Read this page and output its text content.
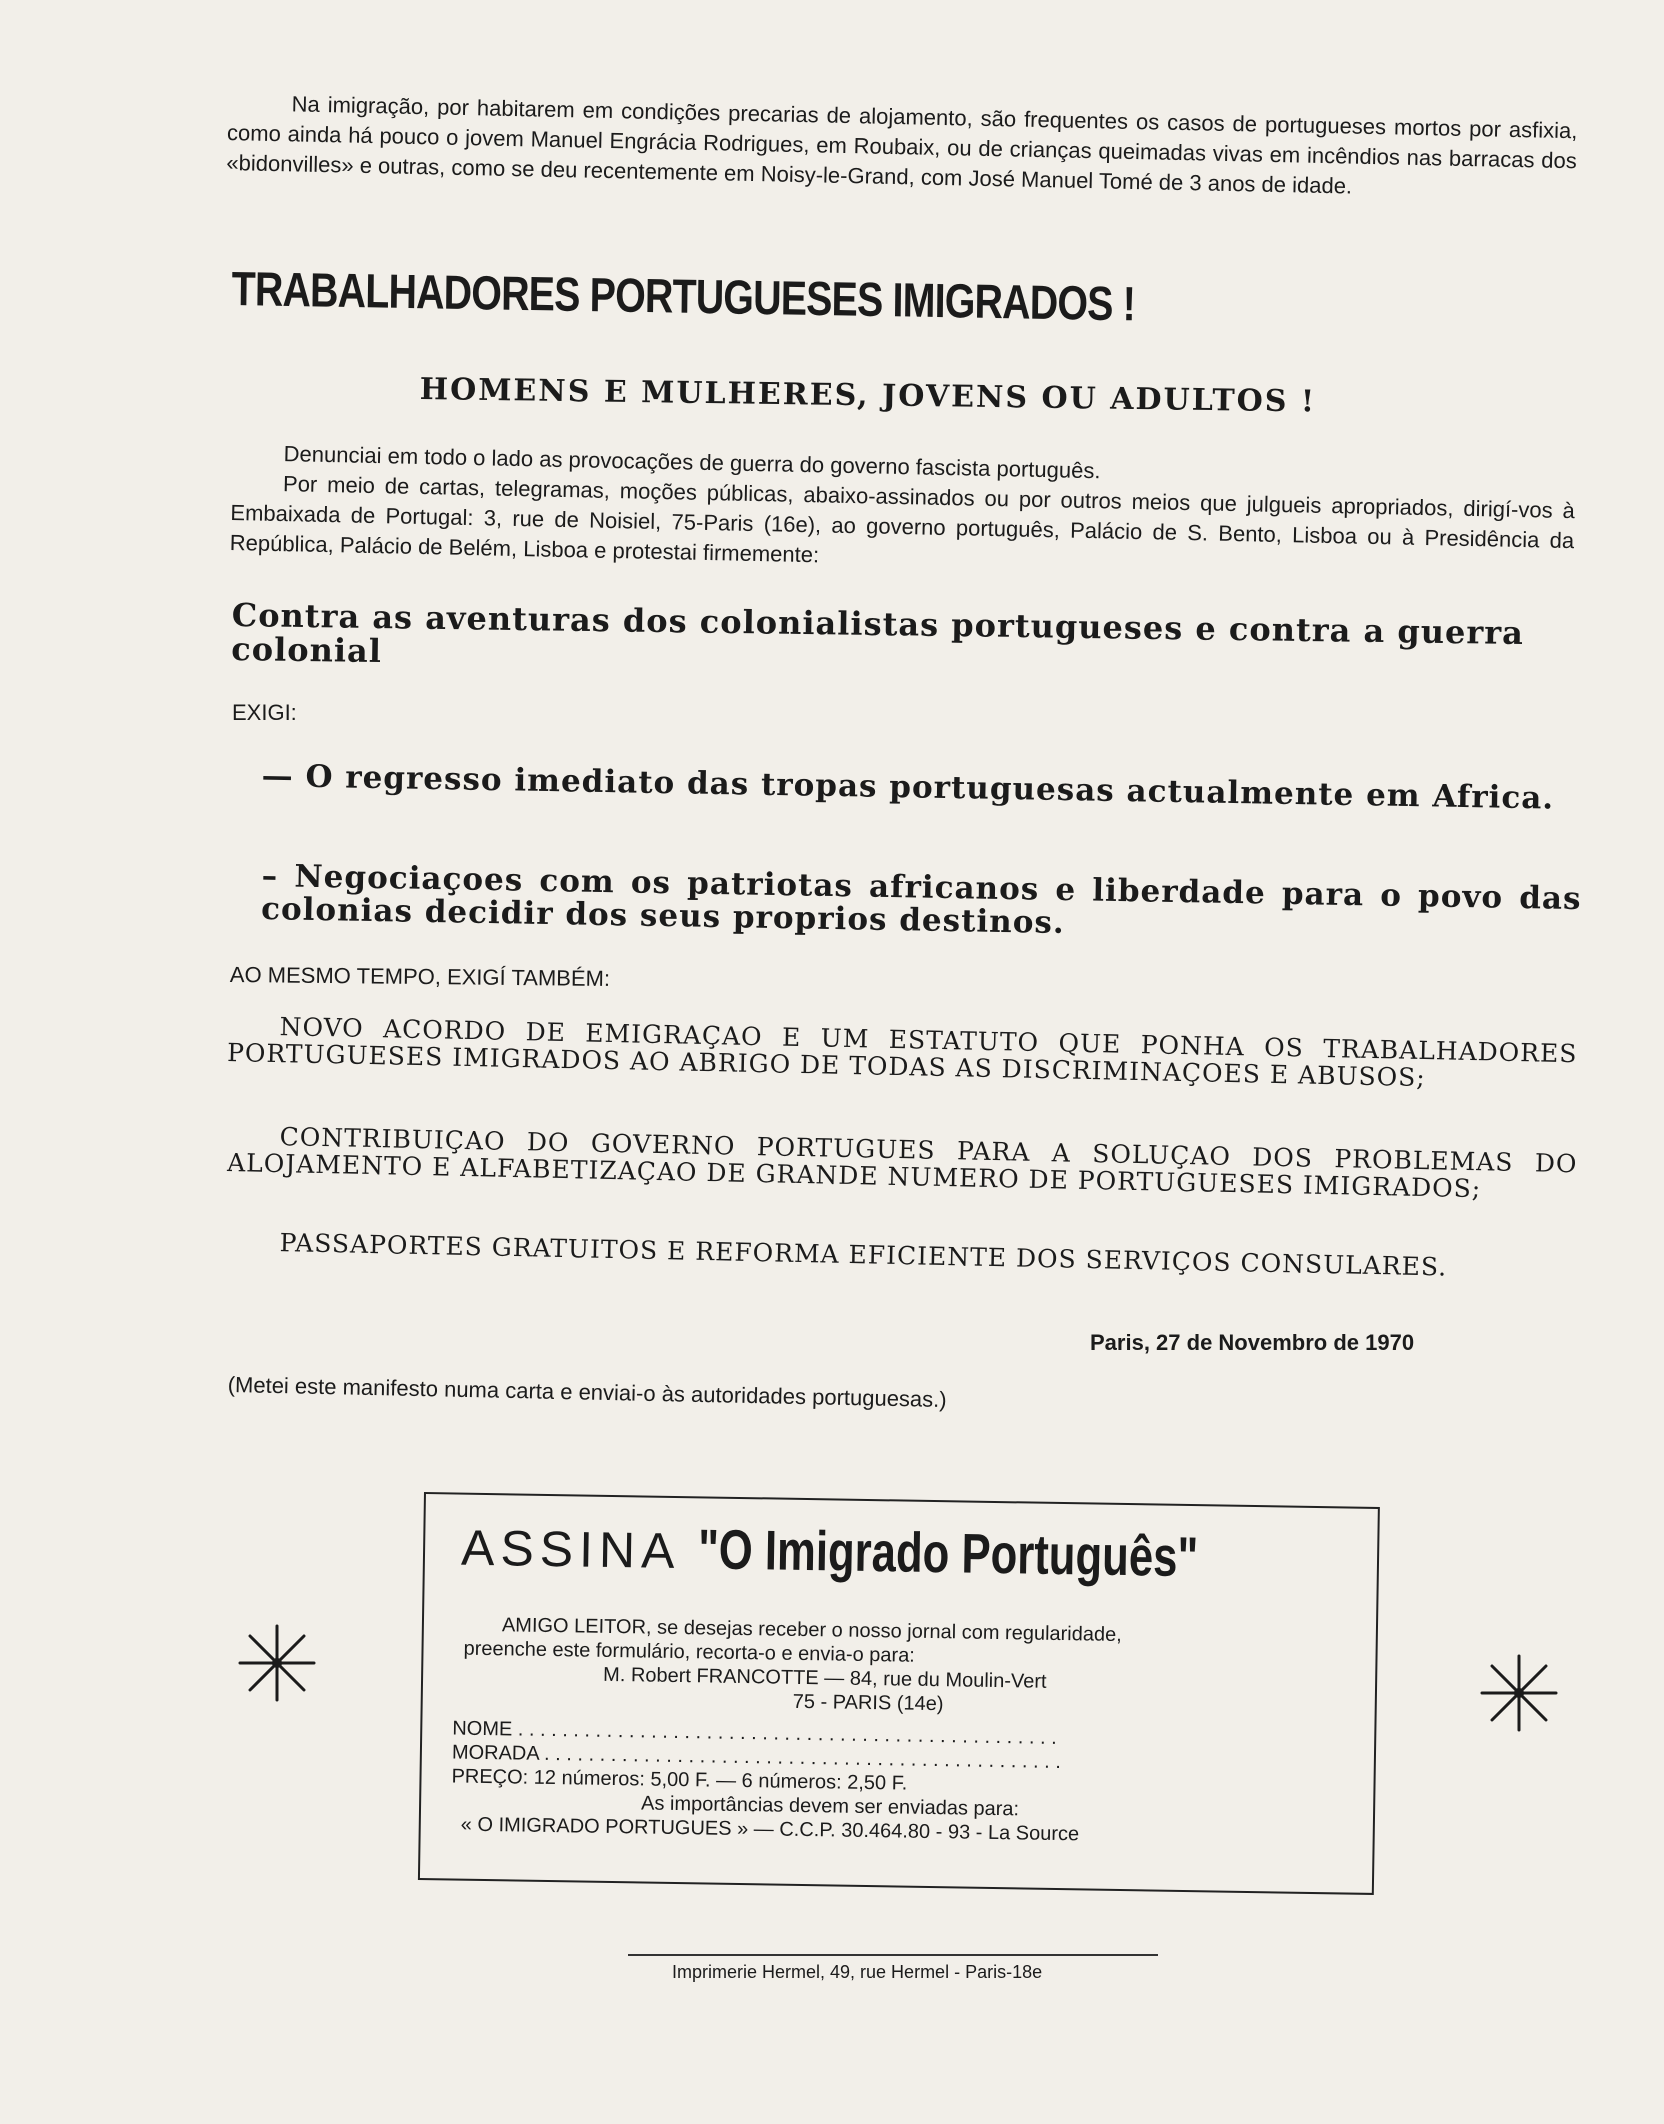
Na imigração, por habitarem em condições precarias de alojamento, são frequentes os casos de portugueses mortos por asfixia, como ainda há pouco o jovem Manuel Engrácia Rodrigues, em Roubaix, ou de crianças queimadas vivas em incêndios nas barracas dos «bidonvilles» e outras, como se deu recentemente em Noisy-le-Grand, com José Manuel Tomé de 3 anos de idade.

TRABALHADORES PORTUGUESES IMIGRADOS !
HOMENS E MULHERES, JOVENS OU ADULTOS !

Denunciai em todo o lado as provocações de guerra do governo fascista português.

Por meio de cartas, telegramas, moções públicas, abaixo-assinados ou por outros meios que julgueis apropriados, dirigí-vos à Embaixada de Portugal: 3, rue de Noisiel, 75-Paris (16e), ao governo português, Palácio de S. Bento, Lisboa ou à Presidência da República, Palácio de Belém, Lisboa e protestai firmemente:

Contra as aventuras dos colonialistas portugueses e contra a guerra colonial
EXIGI:
— O regresso imediato das tropas portuguesas actualmente em Africa.
– Negociaçoes com os patriotas africanos e liberdade para o povo das colonias decidir dos seus proprios destinos.
AO MESMO TEMPO, EXIGÍ TAMBÉM:
NOVO ACORDO DE EMIGRAÇAO E UM ESTATUTO QUE PONHA OS TRABALHADORES PORTUGUESES IMIGRADOS AO ABRIGO DE TODAS AS DISCRIMINAÇOES E ABUSOS;
CONTRIBUIÇAO DO GOVERNO PORTUGUES PARA A SOLUÇAO DOS PROBLEMAS DO ALOJAMENTO E ALFABETIZAÇAO DE GRANDE NUMERO DE PORTUGUESES IMIGRADOS;
PASSAPORTES GRATUITOS E REFORMA EFICIENTE DOS SERVIÇOS CONSULARES.
Paris, 27 de Novembro de 1970
(Metei este manifesto numa carta e enviai-o às autoridades portuguesas.)
ASSINA "O Imigrado Português"
AMIGO LEITOR, se desejas receber o nosso jornal com regularidade,
preenche este formulário, recorta-o e envia-o para:
M. Robert FRANCOTTE — 84, rue du Moulin-Vert
75 - PARIS (14e)
NOME . . . . . . . . . . . . . . . . . . . . . . . . . . . . . . . . . . . . . . . . . . . . . . . . .
MORADA . . . . . . . . . . . . . . . . . . . . . . . . . . . . . . . . . . . . . . . . . . . . . . .
PREÇO: 12 números: 5,00 F. — 6 números: 2,50 F.
As importâncias devem ser enviadas para:
« O IMIGRADO PORTUGUES » — C.C.P. 30.464.80 - 93 - La Source
Imprimerie Hermel, 49, rue Hermel - Paris-18e
